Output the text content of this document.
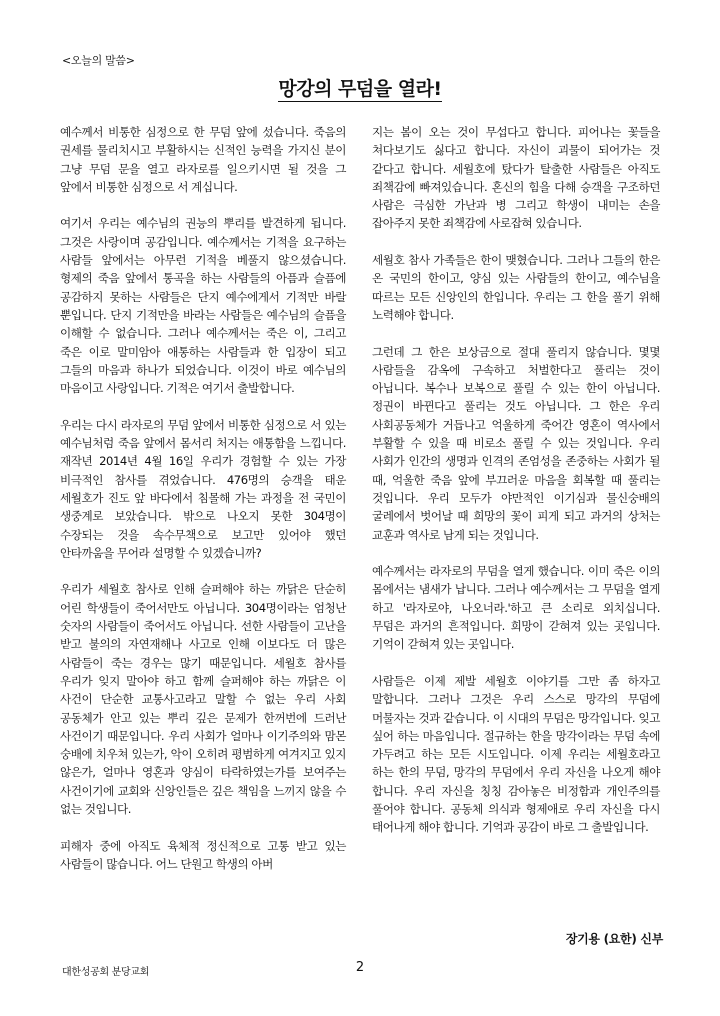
<오늘의 말씀>
망강의 무덤을 열라!

예수께서 비통한 심정으로 한 무덤 앞에 섰습니다. 죽음의 권세를 물리치시고 부활하시는 신적인 능력을 가지신 분이 그냥 무덤 문을 열고 라자로를 일으키시면 될 것을 그 앞에서 비통한 심정으로 서 계십니다.

여기서 우리는 예수님의 권능의 뿌리를 발견하게 됩니다. 그것은 사랑이며 공감입니다. 예수께서는 기적을 요구하는 사람들 앞에서는 아무런 기적을 베풀지 않으셨습니다. 형제의 죽음 앞에서 통곡을 하는 사람들의 아픔과 슬픔에 공감하지 못하는 사람들은 단지 예수에게서 기적만 바랄 뿐입니다. 단지 기적만을 바라는 사람들은 예수님의 슬픔을 이해할 수 없습니다. 그러나 예수께서는 죽은 이, 그리고 죽은 이로 말미암아 애통하는 사람들과 한 입장이 되고 그들의 마음과 하나가 되었습니다. 이것이 바로 예수님의 마음이고 사랑입니다. 기적은 여기서 출발합니다.

우리는 다시 라자로의 무덤 앞에서 비통한 심정으로 서 있는 예수님처럼 죽음 앞에서 몸서리 처지는 애통함을 느낍니다. 재작년 2014년 4월 16일 우리가 경험할 수 있는 가장 비극적인 참사를 겪었습니다. 476명의 승객을 태운 세월호가 진도 앞 바다에서 침몰해 가는 과정을 전 국민이 생중계로 보았습니다. 밖으로 나오지 못한 304명이 수장되는 것을 속수무책으로 보고만 있어야 했던 안타까움을 무어라 설명할 수 있겠습니까?

우리가 세월호 참사로 인해 슬퍼해야 하는 까닭은 단순히 어린 학생들이 죽어서만도 아닙니다. 304명이라는 엄청난 숫자의 사람들이 죽어서도 아닙니다. 선한 사람들이 고난을 받고 불의의 자연재해나 사고로 인해 이보다도 더 많은 사람들이 죽는 경우는 많기 때문입니다. 세월호 참사를 우리가 잊지 말아야 하고 함께 슬퍼해야 하는 까닭은 이 사건이 단순한 교통사고라고 말할 수 없는 우리 사회 공동체가 안고 있는 뿌리 깊은 문제가 한꺼번에 드러난 사건이기 때문입니다. 우리 사회가 얼마나 이기주의와 맘몬 숭배에 치우쳐 있는가, 악이 오히려 평범하게 여겨지고 있지 않은가, 얼마나 영혼과 양심이 타락하였는가를 보여주는 사건이기에 교회와 신앙인들은 깊은 책임을 느끼지 않을 수 없는 것입니다.

피해자 중에 아직도 육체적 정신적으로 고통 받고 있는 사람들이 많습니다. 어느 단원고 학생의 아버

지는 봄이 오는 것이 무섭다고 합니다. 피어나는 꽃들을 쳐다보기도 싫다고 합니다. 자신이 괴물이 되어가는 것 같다고 합니다. 세월호에 탔다가 탈출한 사람들은 아직도 죄책감에 빠져있습니다. 혼신의 힘을 다해 승객을 구조하던 사람은 극심한 가난과 병 그리고 학생이 내미는 손을 잡아주지 못한 죄책감에 사로잡혀 있습니다.

세월호 참사 가족들은 한이 맺혔습니다. 그러나 그들의 한은 온 국민의 한이고, 양심 있는 사람들의 한이고, 예수님을 따르는 모든 신앙인의 한입니다. 우리는 그 한을 풀기 위해 노력해야 합니다.

그런데 그 한은 보상금으로 절대 풀리지 않습니다. 몇몇 사람들을 감옥에 구속하고 처벌한다고 풀리는 것이 아닙니다. 복수나 보복으로 풀릴 수 있는 한이 아닙니다. 정권이 바뀐다고 풀리는 것도 아닙니다. 그 한은 우리 사회공동체가 거듭나고 억울하게 죽어간 영혼이 역사에서 부활할 수 있을 때 비로소 풀릴 수 있는 것입니다. 우리 사회가 인간의 생명과 인격의 존엄성을 존중하는 사회가 될 때, 억울한 죽음 앞에 부끄러운 마음을 회복할 때 풀리는 것입니다. 우리 모두가 야만적인 이기심과 물신숭배의 굴레에서 벗어날 때 희망의 꽃이 피게 되고 과거의 상처는 교훈과 역사로 남게 되는 것입니다.

예수께서는 라자로의 무덤을 열게 했습니다. 이미 죽은 이의 몸에서는 냄새가 납니다. 그러나 예수께서는 그 무덤을 열게 하고 '라자로야, 나오너라.'하고 큰 소리로 외치십니다. 무덤은 과거의 흔적입니다. 희망이 갇혀져 있는 곳입니다. 기억이 갇혀져 있는 곳입니다.

사람들은 이제 제발 세월호 이야기를 그만 좀 하자고 말합니다. 그러나 그것은 우리 스스로 망각의 무덤에 머물자는 것과 같습니다. 이 시대의 무덤은 망각입니다. 잊고 싶어 하는 마음입니다. 절규하는 한을 망각이라는 무덤 속에 가두려고 하는 모든 시도입니다. 이제 우리는 세월호라고 하는 한의 무덤, 망각의 무덤에서 우리 자신을 나오게 해야 합니다. 우리 자신을 칭칭 감아놓은 비정함과 개인주의를 풀어야 합니다. 공동체 의식과 형제애로 우리 자신을 다시 태어나게 해야 합니다. 기억과 공감이 바로 그 출발입니다.

장기용 (요한) 신부
대한성공회 분당교회	2
